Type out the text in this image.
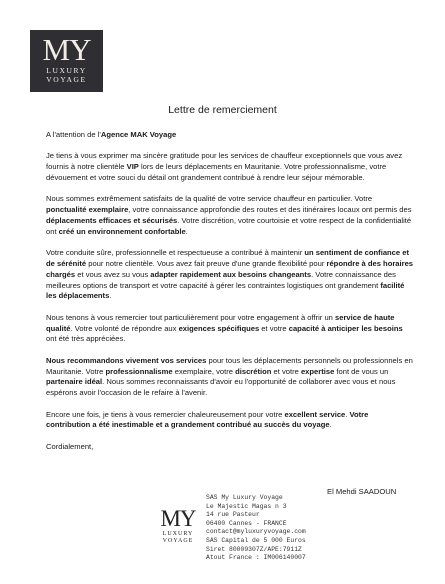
MY
LUXURY
VOYAGE
Lettre de remerciement

A l'attention de l'Agence MAK Voyage

Je tiens à vous exprimer ma sincère gratitude pour les services de chauffeur exceptionnels que vous avez fournis à notre clientèle VIP lors de leurs déplacements en Mauritanie. Votre professionnalisme, votre dévouement et votre souci du détail ont grandement contribué à rendre leur séjour mémorable.

Nous sommes extrêmement satisfaits de la qualité de votre service chauffeur en particulier. Votre ponctualité exemplaire, votre connaissance approfondie des routes et des itinéraires locaux ont permis des déplacements efficaces et sécurisés. Votre discrétion, votre courtoisie et votre respect de la confidentialité ont créé un environnement confortable.

Votre conduite sûre, professionnelle et respectueuse a contribué à maintenir un sentiment de confiance et de sérénité pour notre clientèle. Vous avez fait preuve d'une grande flexibilité pour répondre à des horaires chargés et vous avez su vous adapter rapidement aux besoins changeants. Votre connaissance des meilleures options de transport et votre capacité à gérer les contraintes logistiques ont grandement facilité les déplacements.

Nous tenons à vous remercier tout particulièrement pour votre engagement à offrir un service de haute qualité. Votre volonté de répondre aux exigences spécifiques et votre capacité à anticiper les besoins ont été très appréciées.

Nous recommandons vivement vos services pour tous les déplacements personnels ou professionnels en Mauritanie. Votre professionnalisme exemplaire, votre discrétion et votre expertise font de vous un partenaire idéal. Nous sommes reconnaissants d'avoir eu l'opportunité de collaborer avec vous et nous espérons avoir l'occasion de le refaire à l'avenir.

Encore une fois, je tiens à vous remercier chaleureusement pour votre excellent service. Votre contribution a été inestimable et a grandement contribué au succès du voyage.

Cordialement,

El Mehdi SAADOUN
MY
LUXURY
VOYAGE
SAS My Luxury Voyage
Le Majestic Magas n 3
14 rue Pasteur
06400 Cannes - FRANCE
contact@myluxuryvoyage.com
SAS Capital de 5 000 Euros
Siret 80009307Z/APE:7911Z
Atout France : IM006140007
